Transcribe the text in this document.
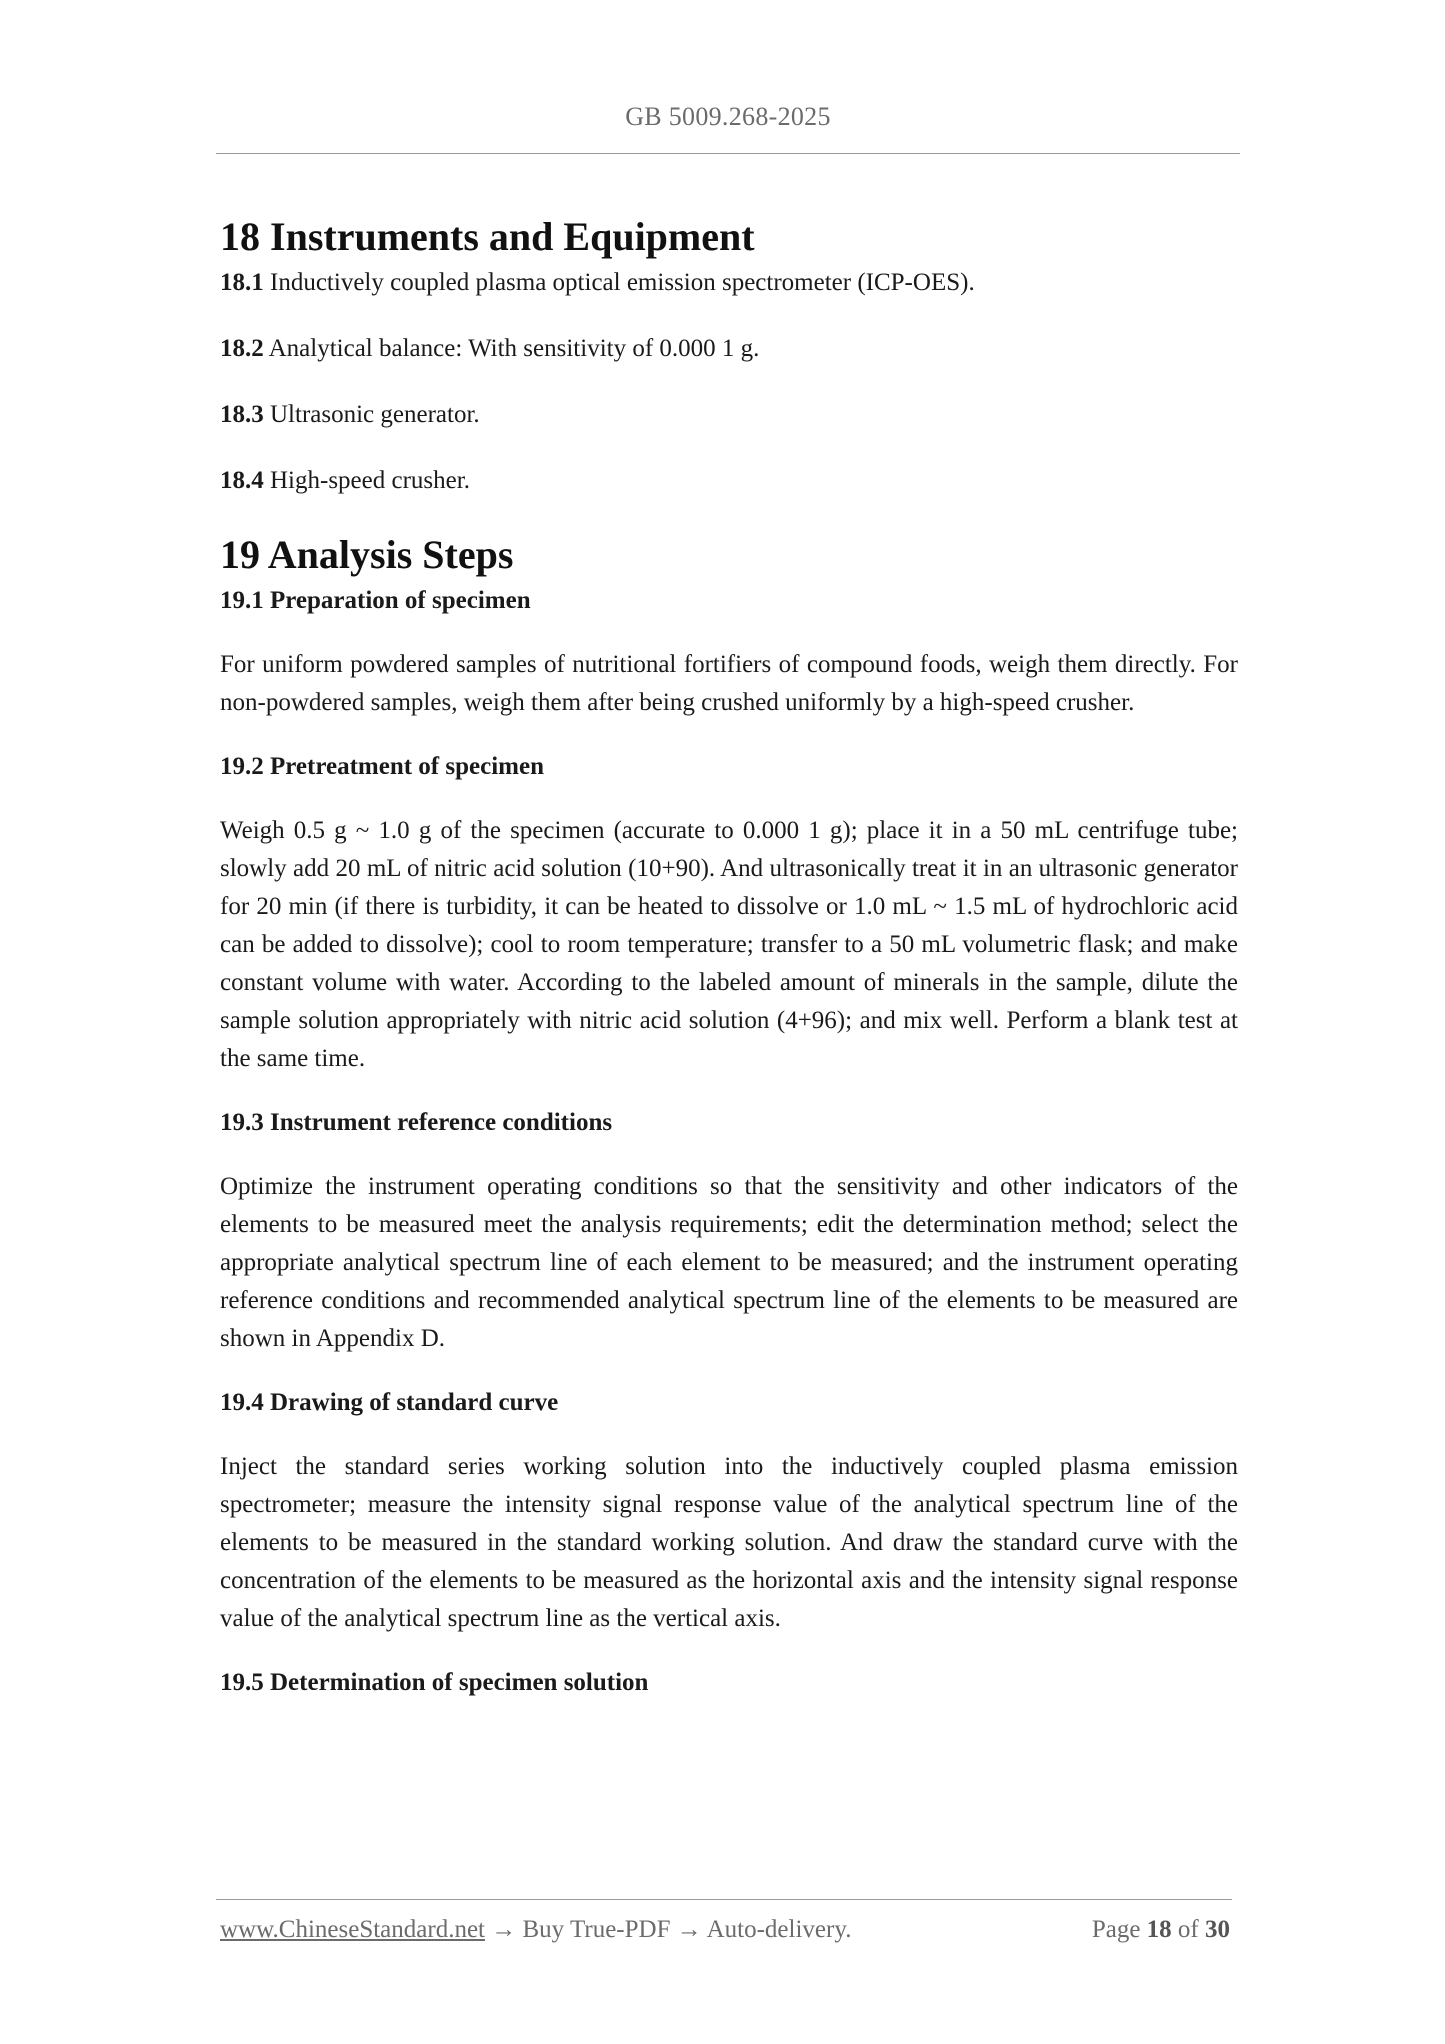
GB 5009.268-2025
18 Instruments and Equipment

18.1 Inductively coupled plasma optical emission spectrometer (ICP-OES).

18.2 Analytical balance: With sensitivity of 0.000 1 g.

18.3 Ultrasonic generator.

18.4 High-speed crusher.

19 Analysis Steps

19.1 Preparation of specimen

For uniform powdered samples of nutritional fortifiers of compound foods, weigh them directly. For non-powdered samples, weigh them after being crushed uniformly by a high-speed crusher.

19.2 Pretreatment of specimen

Weigh 0.5 g ~ 1.0 g of the specimen (accurate to 0.000 1 g); place it in a 50 mL centrifuge tube; slowly add 20 mL of nitric acid solution (10+90). And ultrasonically treat it in an ultrasonic generator for 20 min (if there is turbidity, it can be heated to dissolve or 1.0 mL ~ 1.5 mL of hydrochloric acid can be added to dissolve); cool to room temperature; transfer to a 50 mL volumetric flask; and make constant volume with water. According to the labeled amount of minerals in the sample, dilute the sample solution appropriately with nitric acid solution (4+96); and mix well. Perform a blank test at the same time.

19.3 Instrument reference conditions

Optimize the instrument operating conditions so that the sensitivity and other indicators of the elements to be measured meet the analysis requirements; edit the determination method; select the appropriate analytical spectrum line of each element to be measured; and the instrument operating reference conditions and recommended analytical spectrum line of the elements to be measured are shown in Appendix D.

19.4 Drawing of standard curve

Inject the standard series working solution into the inductively coupled plasma emission spectrometer; measure the intensity signal response value of the analytical spectrum line of the elements to be measured in the standard working solution. And draw the standard curve with the concentration of the elements to be measured as the horizontal axis and the intensity signal response value of the analytical spectrum line as the vertical axis.

19.5 Determination of specimen solution

www.ChineseStandard.net → Buy True-PDF → Auto-delivery.	Page 18 of 30
